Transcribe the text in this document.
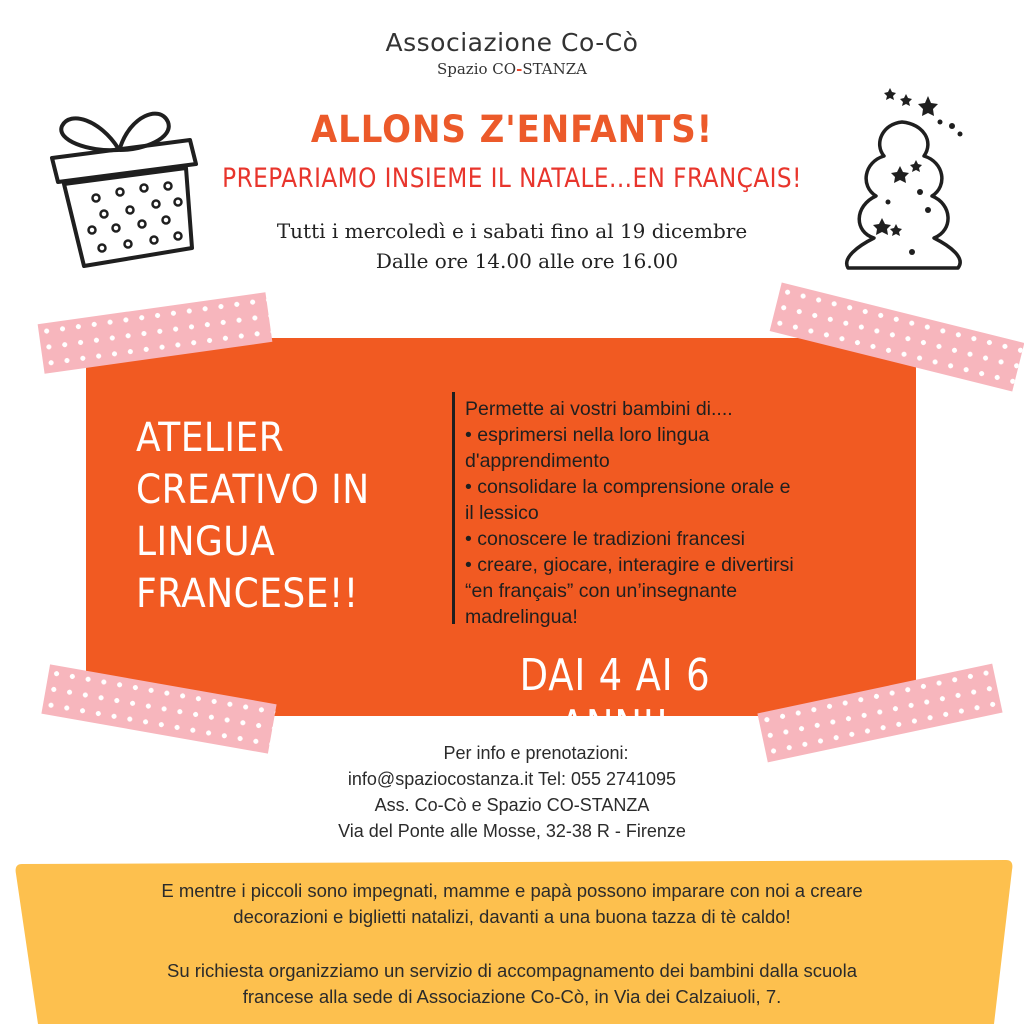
Associazione Co-Cò
Spazio CO-STANZA
ALLONS Z'ENFANTS!
PREPARIAMO INSIEME IL NATALE...EN FRANÇAIS!
Tutti i mercoledì e i sabati fino al 19 dicembre
Dalle ore 14.00 alle ore 16.00
ATELIER
CREATIVO IN
LINGUA
FRANCESE!!
Permette ai vostri bambini di....
• esprimersi nella loro lingua
d'apprendimento
• consolidare la comprensione orale e
il lessico
• conoscere le tradizioni francesi
• creare, giocare, interagire e divertirsi
“en français” con un’insegnante
madrelingua!
DAI 4 AI 6 ANNI!
Per info e prenotazioni:
info@spaziocostanza.it Tel: 055 2741095
Ass. Co-Cò e Spazio CO-STANZA
Via del Ponte alle Mosse, 32-38 R - Firenze
E mentre i piccoli sono impegnati, mamme e papà possono imparare con noi a creare
decorazioni e biglietti natalizi, davanti a una buona tazza di tè caldo!
Su richiesta organizziamo un servizio di accompagnamento dei bambini dalla scuola
francese alla sede di Associazione Co-Cò, in Via dei Calzaiuoli, 7.
